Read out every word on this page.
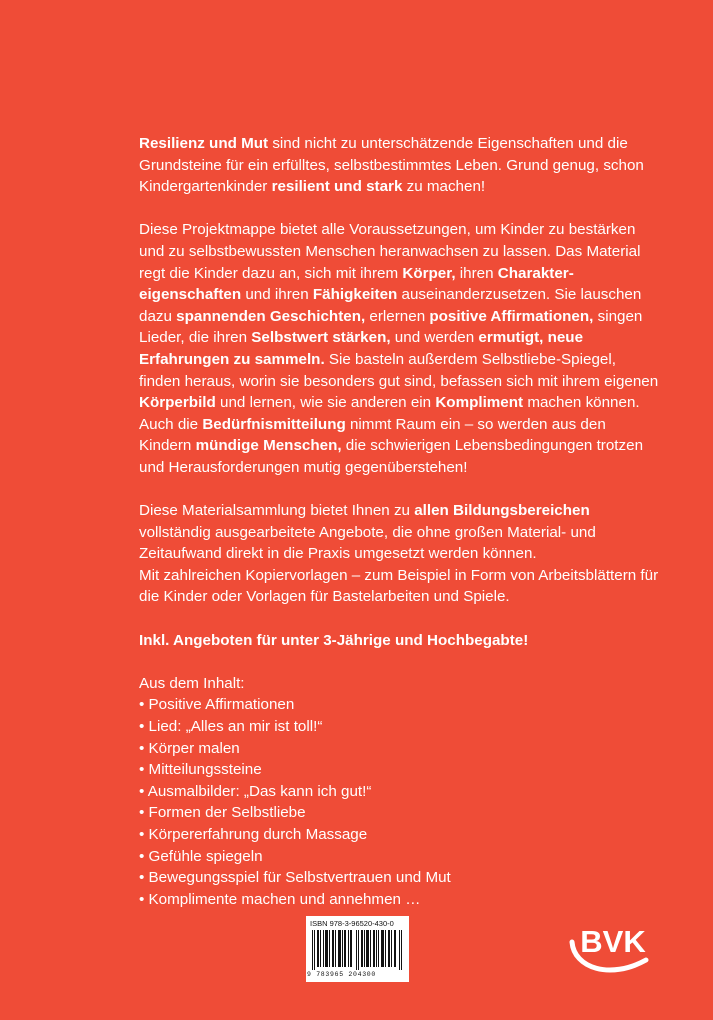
Resilienz und Mut sind nicht zu unterschätzende Eigenschaften und die Grundsteine für ein erfülltes, selbstbestimmtes Leben. Grund genug, schon Kindergartenkinder resilient und stark zu machen!

Diese Projektmappe bietet alle Voraussetzungen, um Kinder zu bestärken und zu selbstbewussten Menschen heranwachsen zu lassen. Das Material regt die Kinder dazu an, sich mit ihrem Körper, ihren Charaktereigenschaften und ihren Fähigkeiten auseinanderzusetzen. Sie lauschen dazu spannenden Geschichten, erlernen positive Affirmationen, singen Lieder, die ihren Selbstwert stärken, und werden ermutigt, neue Erfahrungen zu sammeln. Sie basteln außerdem Selbstliebe-Spiegel, finden heraus, worin sie besonders gut sind, befassen sich mit ihrem eigenen Körperbild und lernen, wie sie anderen ein Kompliment machen können. Auch die Bedürfnismitteilung nimmt Raum ein – so werden aus den Kindern mündige Menschen, die schwierigen Lebensbedingungen trotzen und Herausforderungen mutig gegenüberstehen!

Diese Materialsammlung bietet Ihnen zu allen Bildungsbereichen vollständig ausgearbeitete Angebote, die ohne großen Material- und Zeitaufwand direkt in die Praxis umgesetzt werden können.

Mit zahlreichen Kopiervorlagen – zum Beispiel in Form von Arbeitsblättern für die Kinder oder Vorlagen für Bastelarbeiten und Spiele.

Inkl. Angeboten für unter 3-Jährige und Hochbegabte!

Aus dem Inhalt:

• Positive Affirmationen
• Lied: „Alles an mir ist toll!“
• Körper malen
• Mitteilungssteine
• Ausmalbilder: „Das kann ich gut!“
• Formen der Selbstliebe
• Körpererfahrung durch Massage
• Gefühle spiegeln
• Bewegungsspiel für Selbstvertrauen und Mut
• Komplimente machen und annehmen …
ISBN 978-3-96520-430-0
9 783965 204300
BVK
